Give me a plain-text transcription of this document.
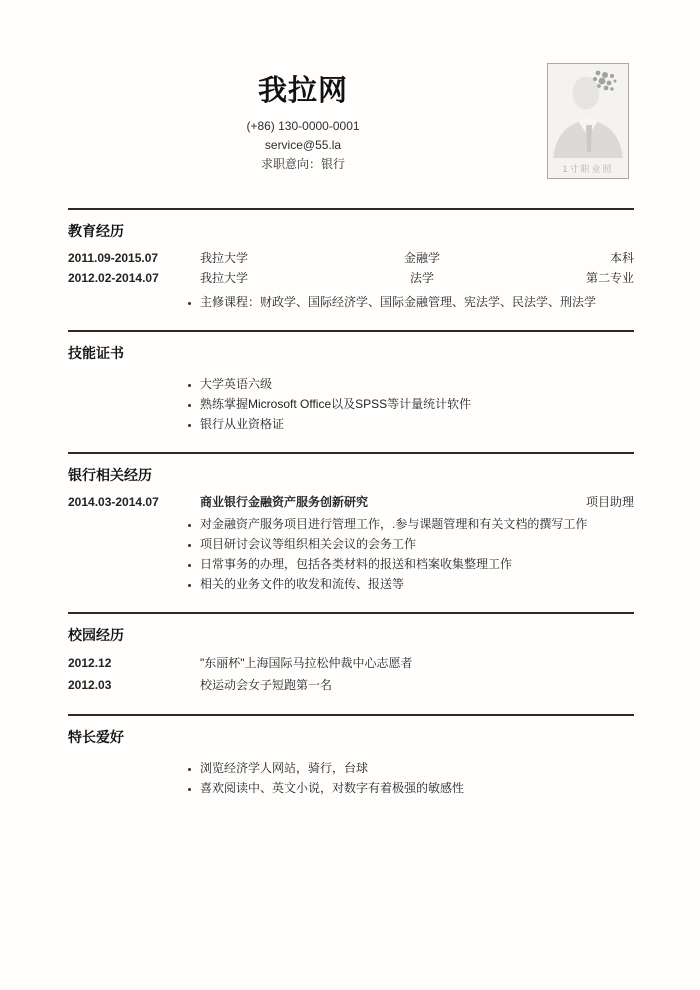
我拉网
(+86) 130-0000-0001
service@55.la
求职意向：银行	1寸职业照
教育经历
2011.09-2015.07	我拉大学	金融学	本科
2012.02-2014.07	我拉大学	法学	第二专业
• 主修课程：财政学、国际经济学、国际金融管理、宪法学、民法学、刑法学
技能证书
• 大学英语六级
• 熟练掌握Microsoft Office以及SPSS等计量统计软件
• 银行从业资格证
银行相关经历
2014.03-2014.07	商业银行金融资产服务创新研究	项目助理
• 对金融资产服务项目进行管理工作，.参与课题管理和有关文档的撰写工作
• 项目研讨会议等组织相关会议的会务工作
• 日常事务的办理，包括各类材料的报送和档案收集整理工作
• 相关的业务文件的收发和流传、报送等
校园经历
2012.12	"东丽杯"上海国际马拉松仲裁中心志愿者
2012.03	校运动会女子短跑第一名
特长爱好
• 浏览经济学人网站，骑行，台球
• 喜欢阅读中、英文小说，对数字有着极强的敏感性
